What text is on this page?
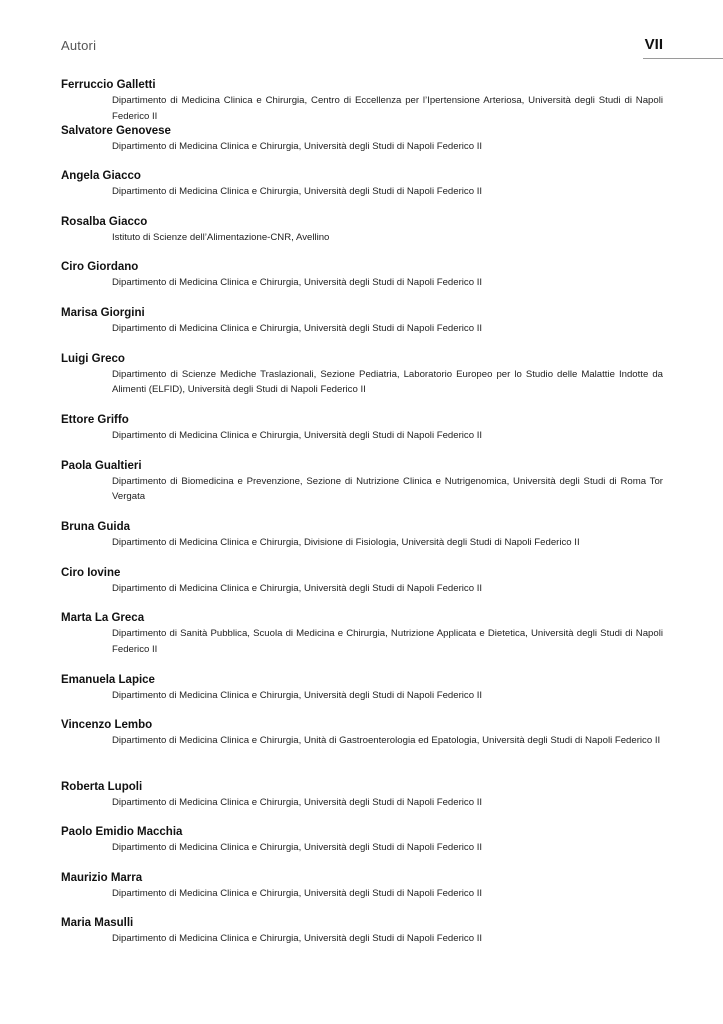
Autori	VII
Ferruccio Galletti
Dipartimento di Medicina Clinica e Chirurgia, Centro di Eccellenza per l’Ipertensione Arteriosa, Università degli Studi di Napoli Federico II
Salvatore Genovese
Dipartimento di Medicina Clinica e Chirurgia, Università degli Studi di Napoli Federico II
Angela Giacco
Dipartimento di Medicina Clinica e Chirurgia, Università degli Studi di Napoli Federico II
Rosalba Giacco
Istituto di Scienze dell’Alimentazione-CNR, Avellino
Ciro Giordano
Dipartimento di Medicina Clinica e Chirurgia, Università degli Studi di Napoli Federico II
Marisa Giorgini
Dipartimento di Medicina Clinica e Chirurgia, Università degli Studi di Napoli Federico II
Luigi Greco
Dipartimento di Scienze Mediche Traslazionali, Sezione Pediatria, Laboratorio Europeo per lo Studio delle Malattie Indotte da Alimenti (ELFID), Università degli Studi di Napoli Federico II
Ettore Griffo
Dipartimento di Medicina Clinica e Chirurgia, Università degli Studi di Napoli Federico II
Paola Gualtieri
Dipartimento di Biomedicina e Prevenzione, Sezione di Nutrizione Clinica e Nutrigenomica, Università degli Studi di Roma Tor Vergata
Bruna Guida
Dipartimento di Medicina Clinica e Chirurgia, Divisione di Fisiologia, Università degli Studi di Napoli Federico II
Ciro Iovine
Dipartimento di Medicina Clinica e Chirurgia, Università degli Studi di Napoli Federico II
Marta La Greca
Dipartimento di Sanità Pubblica, Scuola di Medicina e Chirurgia, Nutrizione Applicata e Dietetica, Università degli Studi di Napoli Federico II
Emanuela Lapice
Dipartimento di Medicina Clinica e Chirurgia, Università degli Studi di Napoli Federico II
Vincenzo Lembo
Dipartimento di Medicina Clinica e Chirurgia, Unità di Gastroenterologia ed Epatologia, Università degli Studi di Napoli Federico II
Roberta Lupoli
Dipartimento di Medicina Clinica e Chirurgia, Università degli Studi di Napoli Federico II
Paolo Emidio Macchia
Dipartimento di Medicina Clinica e Chirurgia, Università degli Studi di Napoli Federico II
Maurizio Marra
Dipartimento di Medicina Clinica e Chirurgia, Università degli Studi di Napoli Federico II
Maria Masulli
Dipartimento di Medicina Clinica e Chirurgia, Università degli Studi di Napoli Federico II
